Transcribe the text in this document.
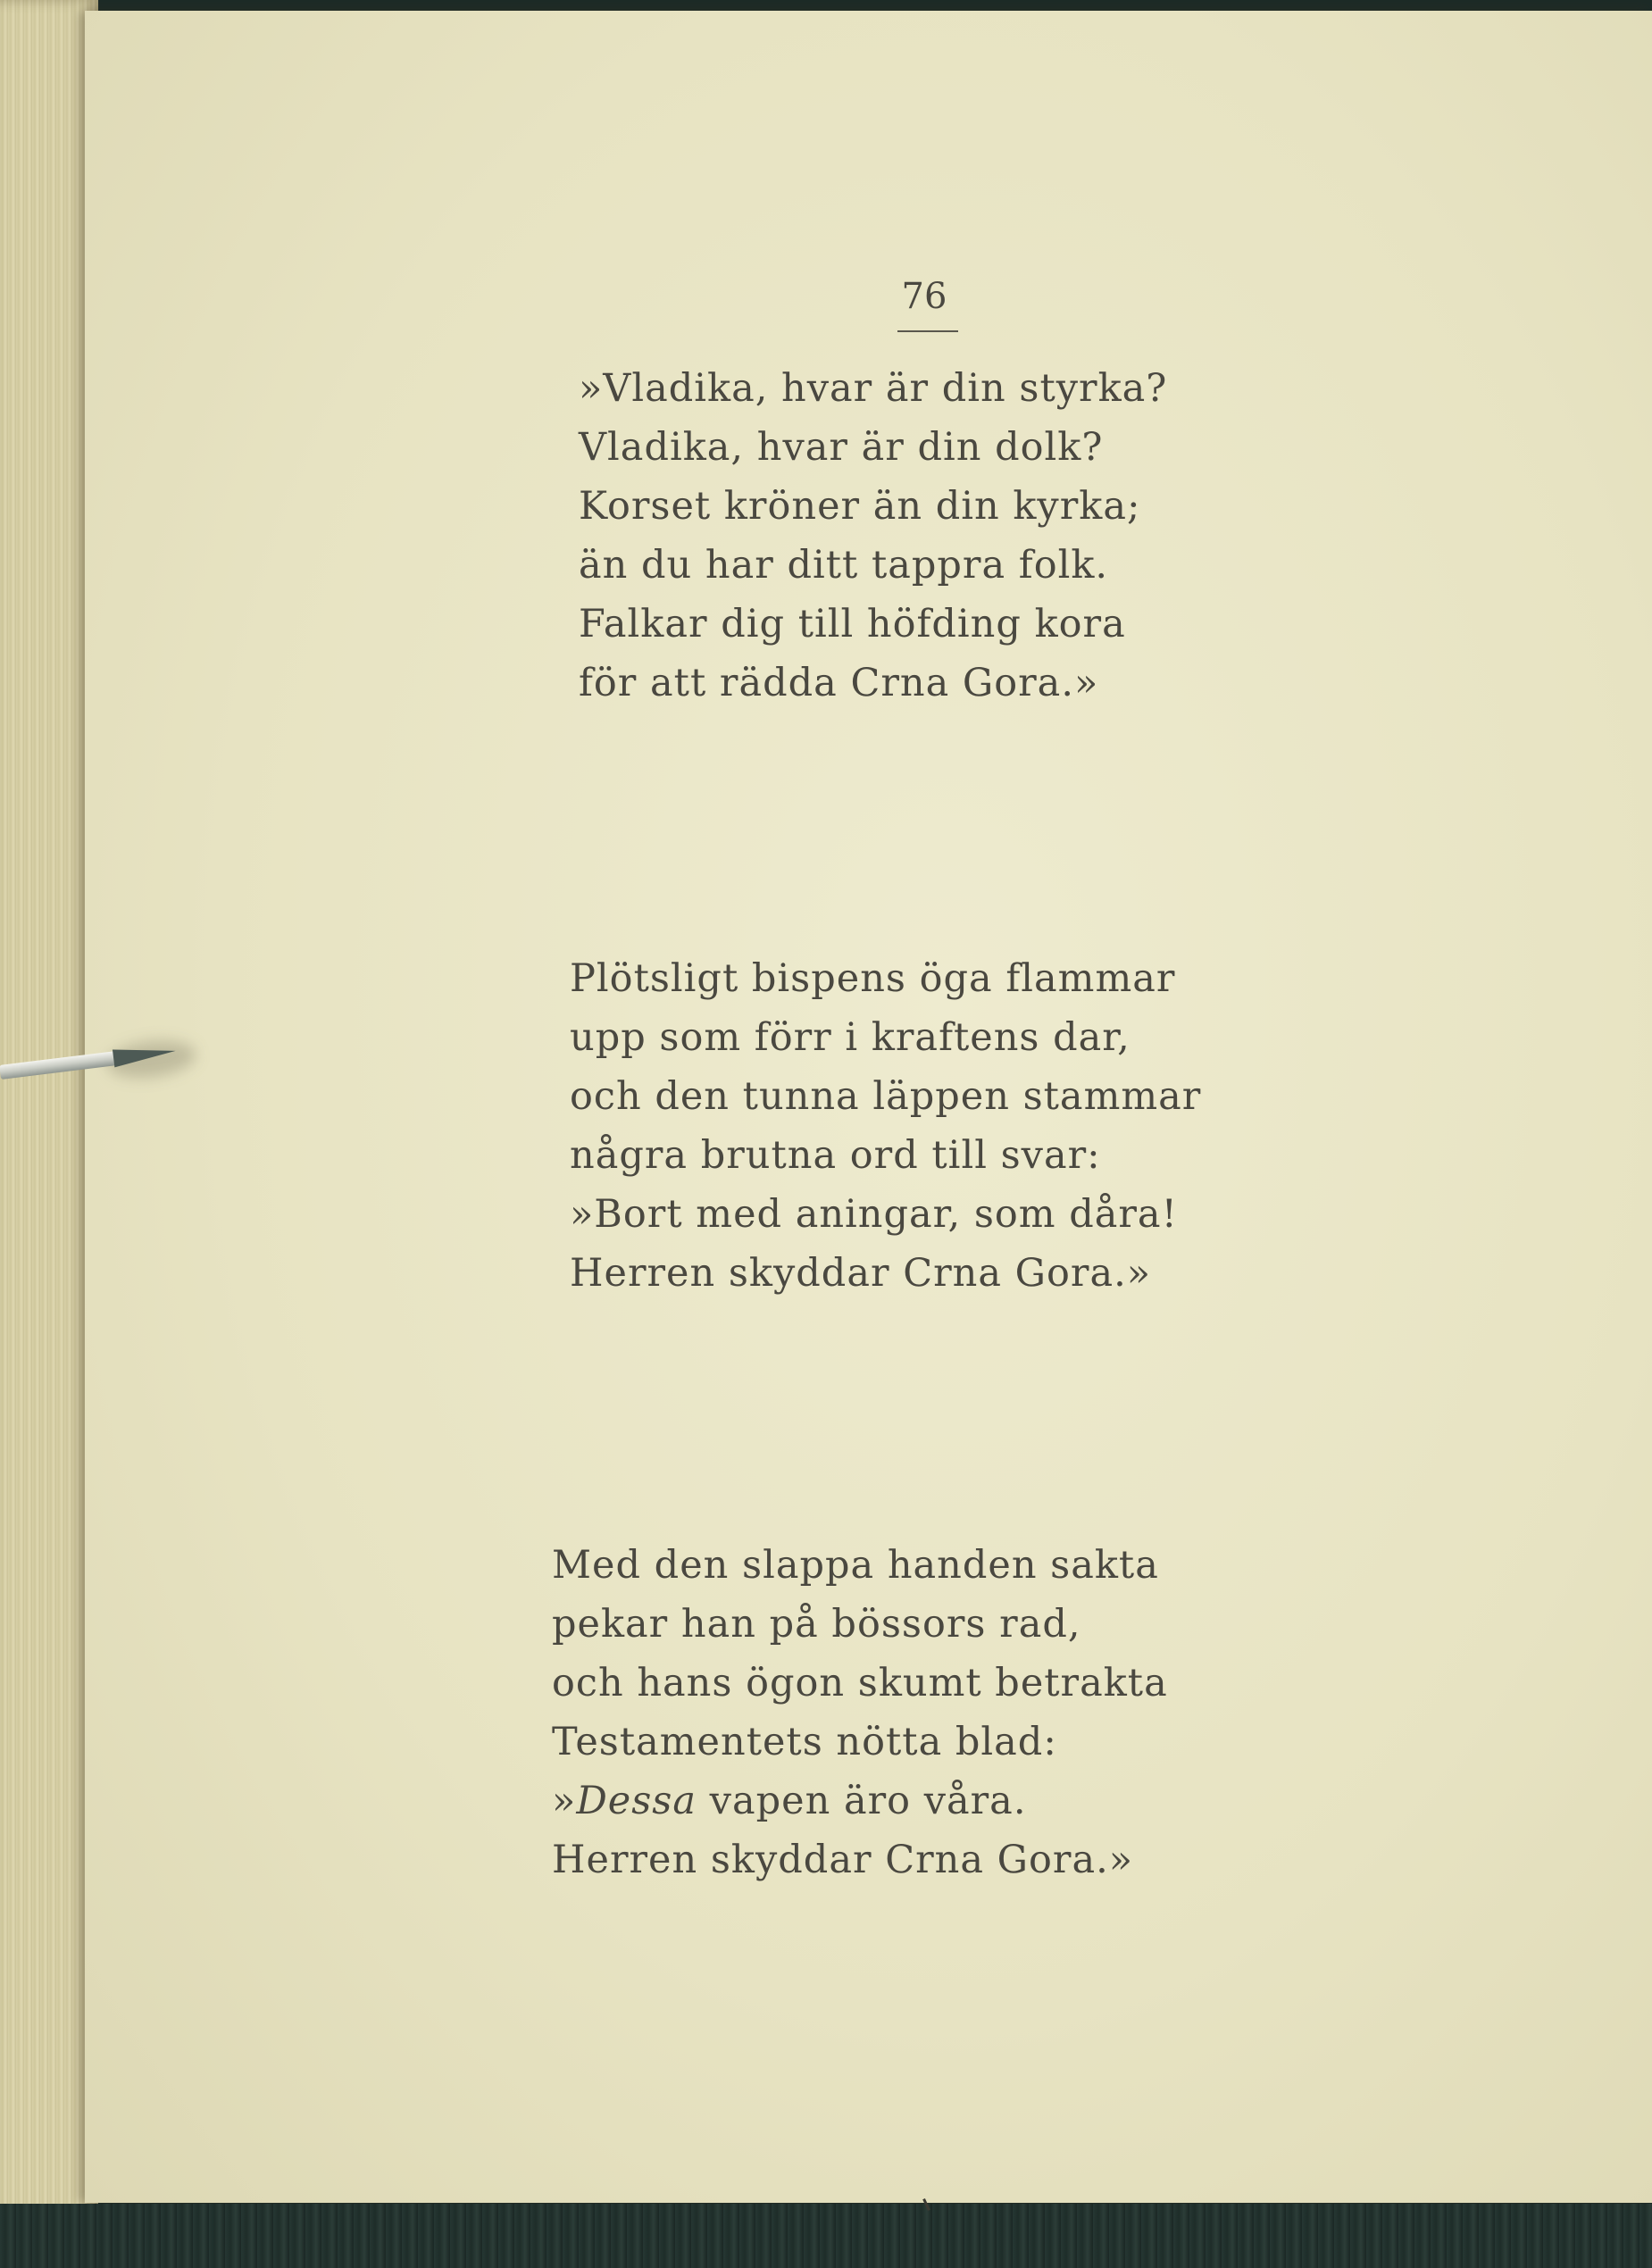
76
»Vladika, hvar är din styrka?
Vladika, hvar är din dolk?
Korset kröner än din kyrka;
än du har ditt tappra folk.
Falkar dig till höfding kora
för att rädda Crna Gora.»
Plötsligt bispens öga flammar
upp som förr i kraftens dar,
och den tunna läppen stammar
några brutna ord till svar:
»Bort med aningar, som dåra!
Herren skyddar Crna Gora.»
Med den slappa handen sakta
pekar han på bössors rad,
och hans ögon skumt betrakta
Testamentets nötta blad:
»Dessa vapen äro våra.
Herren skyddar Crna Gora.»
